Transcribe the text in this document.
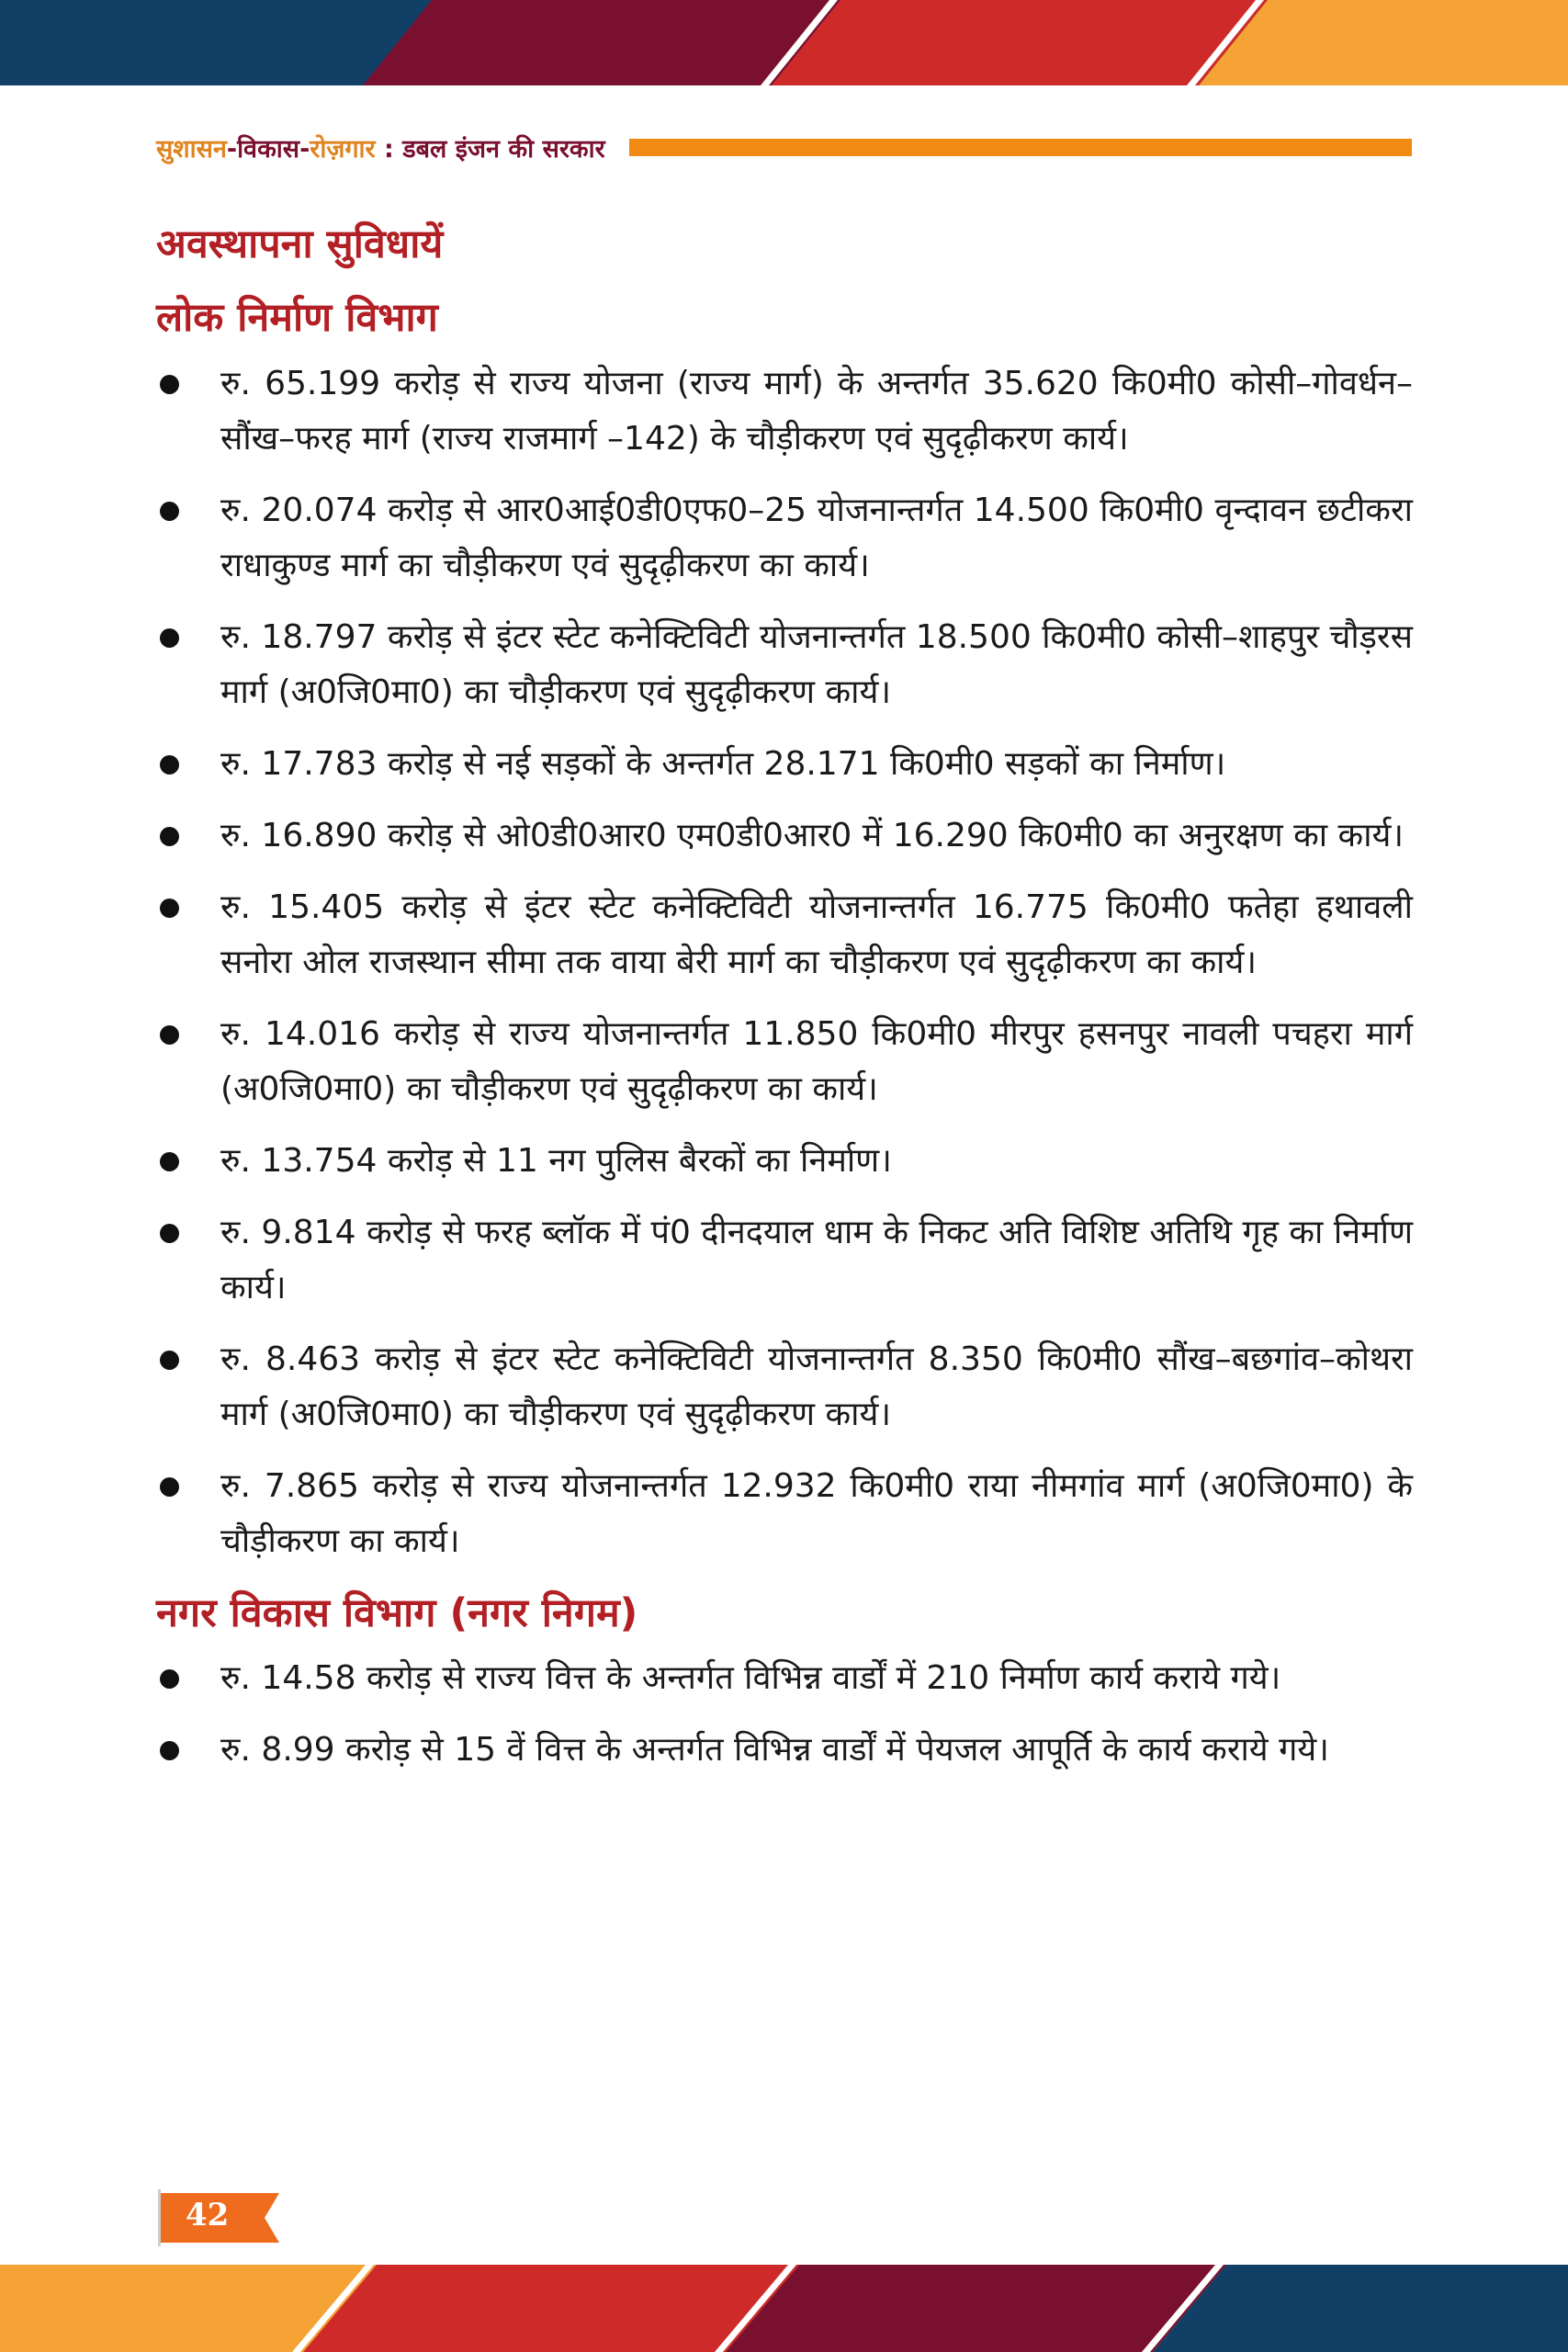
सुशासन-विकास-रोज़गार : डबल इंजन की सरकार
अवस्थापना सुविधायें
लोक निर्माण विभाग
रु. 65.199 करोड़ से राज्य योजना (राज्य मार्ग) के अन्तर्गत 35.620 कि0मी0 कोसी–गोवर्धन–सौंख–फरह मार्ग (राज्य राजमार्ग –142) के चौड़ीकरण एवं सुदृढ़ीकरण कार्य।
रु. 20.074 करोड़ से आर0आई0डी0एफ0–25 योजनान्तर्गत 14.500 कि0मी0 वृन्दावन छटीकरा राधाकुण्ड मार्ग का चौड़ीकरण एवं सुदृढ़ीकरण का कार्य।
रु. 18.797 करोड़ से इंटर स्टेट कनेक्टिविटी योजनान्तर्गत 18.500 कि0मी0 कोसी–शाहपुर चौड़रस मार्ग (अ0जि0मा0) का चौड़ीकरण एवं सुदृढ़ीकरण कार्य।
रु. 17.783 करोड़ से नई सड़कों के अन्तर्गत 28.171 कि0मी0 सड़कों का निर्माण।
रु. 16.890 करोड़ से ओ0डी0आर0 एम0डी0आर0 में 16.290 कि0मी0 का अनुरक्षण का कार्य।
रु. 15.405 करोड़ से इंटर स्टेट कनेक्टिविटी योजनान्तर्गत 16.775 कि0मी0 फतेहा हथावली सनोरा ओल राजस्थान सीमा तक वाया बेरी मार्ग का चौड़ीकरण एवं सुदृढ़ीकरण का कार्य।
रु. 14.016 करोड़ से राज्य योजनान्तर्गत 11.850 कि0मी0 मीरपुर हसनपुर नावली पचहरा मार्ग (अ0जि0मा0) का चौड़ीकरण एवं सुदृढ़ीकरण का कार्य।
रु. 13.754 करोड़ से 11 नग पुलिस बैरकों का निर्माण।
रु. 9.814 करोड़ से फरह ब्लॉक में पं0 दीनदयाल धाम के निकट अति विशिष्ट अतिथि गृह का निर्माण कार्य।
रु. 8.463 करोड़ से इंटर स्टेट कनेक्टिविटी योजनान्तर्गत 8.350 कि0मी0 सौंख–बछगांव–कोथरा मार्ग (अ0जि0मा0) का चौड़ीकरण एवं सुदृढ़ीकरण कार्य।
रु. 7.865 करोड़ से राज्य योजनान्तर्गत 12.932 कि0मी0 राया नीमगांव मार्ग (अ0जि0मा0) के चौड़ीकरण का कार्य।
नगर विकास विभाग (नगर निगम)
रु. 14.58 करोड़ से राज्य वित्त के अन्तर्गत विभिन्न वार्डों में 210 निर्माण कार्य कराये गये।
रु. 8.99 करोड़ से 15 वें वित्त के अन्तर्गत विभिन्न वार्डों में पेयजल आपूर्ति के कार्य कराये गये।
42
